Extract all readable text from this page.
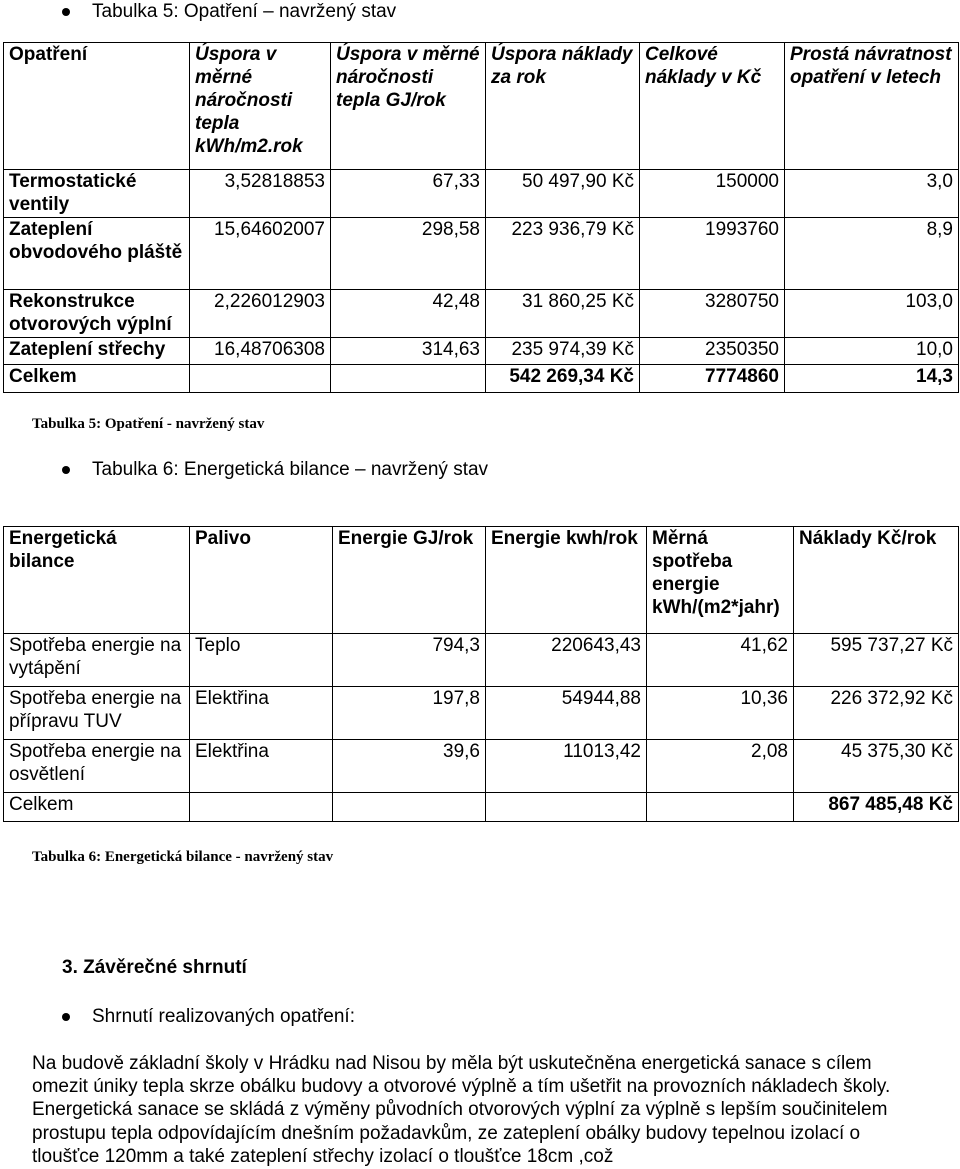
Tabulka 5: Opatření – navržený stav
Opatření	Úspora v měrné náročnosti tepla kWh/m2.rok	Úspora v měrné náročnosti tepla GJ/rok	Úspora náklady za rok	Celkové náklady v Kč	Prostá návratnost opatření v letech
Termostatické ventily	3,52818853	67,33	50 497,90 Kč	150000	3,0
Zateplení obvodového pláště	15,64602007	298,58	223 936,79 Kč	1993760	8,9
Rekonstrukce otvorových výplní	2,226012903	42,48	31 860,25 Kč	3280750	103,0
Zateplení střechy	16,48706308	314,63	235 974,39 Kč	2350350	10,0
Celkem			542 269,34 Kč	7774860	14,3
Tabulka 5: Opatření - navržený stav
Tabulka 6: Energetická bilance – navržený stav
Energetická bilance	Palivo	Energie GJ/rok	Energie kwh/rok	Měrná spotřeba energie kWh/(m2*jahr)	Náklady Kč/rok
Spotřeba energie na vytápění	Teplo	794,3	220643,43	41,62	595 737,27 Kč
Spotřeba energie na přípravu TUV	Elektřina	197,8	54944,88	10,36	226 372,92 Kč
Spotřeba energie na osvětlení	Elektřina	39,6	11013,42	2,08	45 375,30 Kč
Celkem					867 485,48 Kč
Tabulka 6: Energetická bilance - navržený stav
3. Závěrečné shrnutí
Shrnutí realizovaných opatření:
Na budově základní školy v Hrádku nad Nisou by měla být uskutečněna energetická sanace s cílem omezit úniky tepla skrze obálku budovy a otvorové výplně a tím ušetřit na provozních nákladech školy. Energetická sanace se skládá z výměny původních otvorových výplní za výplně s lepším součinitelem prostupu tepla odpovídajícím dnešním požadavkům, ze zateplení obálky budovy tepelnou izolací o tloušťce 120mm a také zateplení střechy izolací o tloušťce 18cm ,což
